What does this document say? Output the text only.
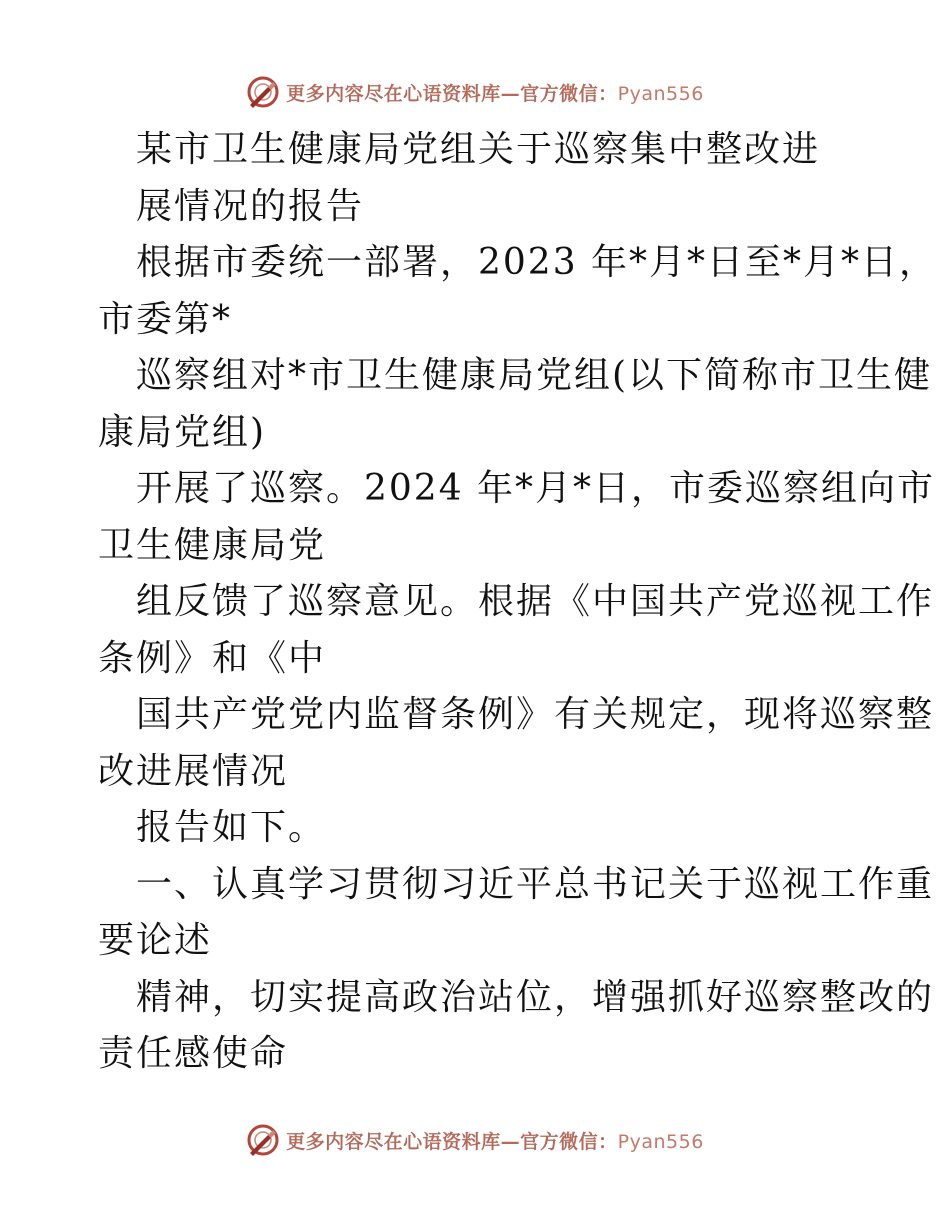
更多内容尽在心语资料库—官方微信：Pyan556
某市卫生健康局党组关于巡察集中整改进
展情况的报告
根据市委统一部署，2023 年*月*日至*月*日，
市委第*
巡察组对*市卫生健康局党组(以下简称市卫生健
康局党组)
开展了巡察。2024 年*月*日，市委巡察组向市
卫生健康局党
组反馈了巡察意见。根据《中国共产党巡视工作
条例》和《中
国共产党党内监督条例》有关规定，现将巡察整
改进展情况
报告如下。
一、认真学习贯彻习近平总书记关于巡视工作重
要论述
精神，切实提高政治站位，增强抓好巡察整改的
责任感使命
更多内容尽在心语资料库—官方微信：Pyan556
